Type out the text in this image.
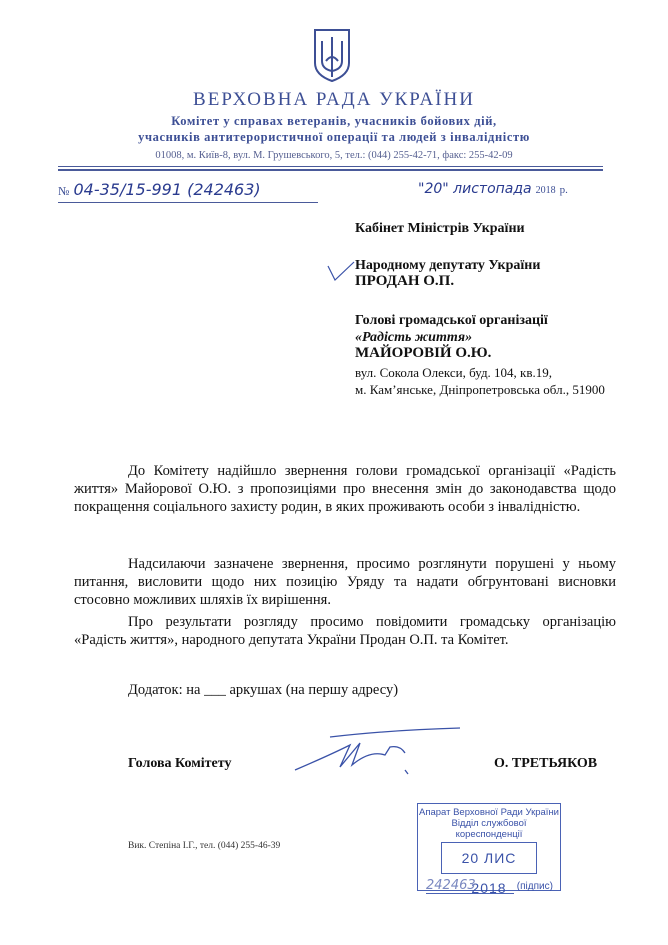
ВЕРХОВНА РАДА УКРАЇНИ
Комітет у справах ветеранів, учасників бойових дій,
учасників антитерористичної операції та людей з інвалідністю
01008, м. Київ-8, вул. М. Грушевського, 5, тел.: (044) 255-42-71, факс: 255-42-09
№ 04-35/15-991 (242463)	"20" листопада 2018 р.
Кабінет Міністрів України
Народному депутату України
ПРОДАН О.П.
Голові громадської організації
«Радість життя»
МАЙОРОВІЙ О.Ю.
вул. Сокола Олекси, буд. 104, кв.19,
м. Кам’янське, Дніпропетровська обл., 51900
До Комітету надійшло звернення голови громадської організації «Радість життя» Майорової О.Ю. з пропозиціями про внесення змін до законодавства щодо покращення соціального захисту родин, в яких проживають особи з інвалідністю.
Надсилаючи зазначене звернення, просимо розглянути порушені у ньому питання, висловити щодо них позицію Уряду та надати обгрунтовані висновки стосовно можливих шляхів їх вирішення.
Про результати розгляду просимо повідомити громадську організацію «Радість життя», народного депутата України Продан О.П. та Комітет.
Додаток: на ___ аркушах (на першу адресу)
Голова Комітету	О. ТРЕТЬЯКОВ
Вик. Степіна І.Г., тел. (044) 255-46-39
Апарат Верховної Ради України
Відділ службової кореспонденції
20 ЛИС 2018
242463	(підпис)
